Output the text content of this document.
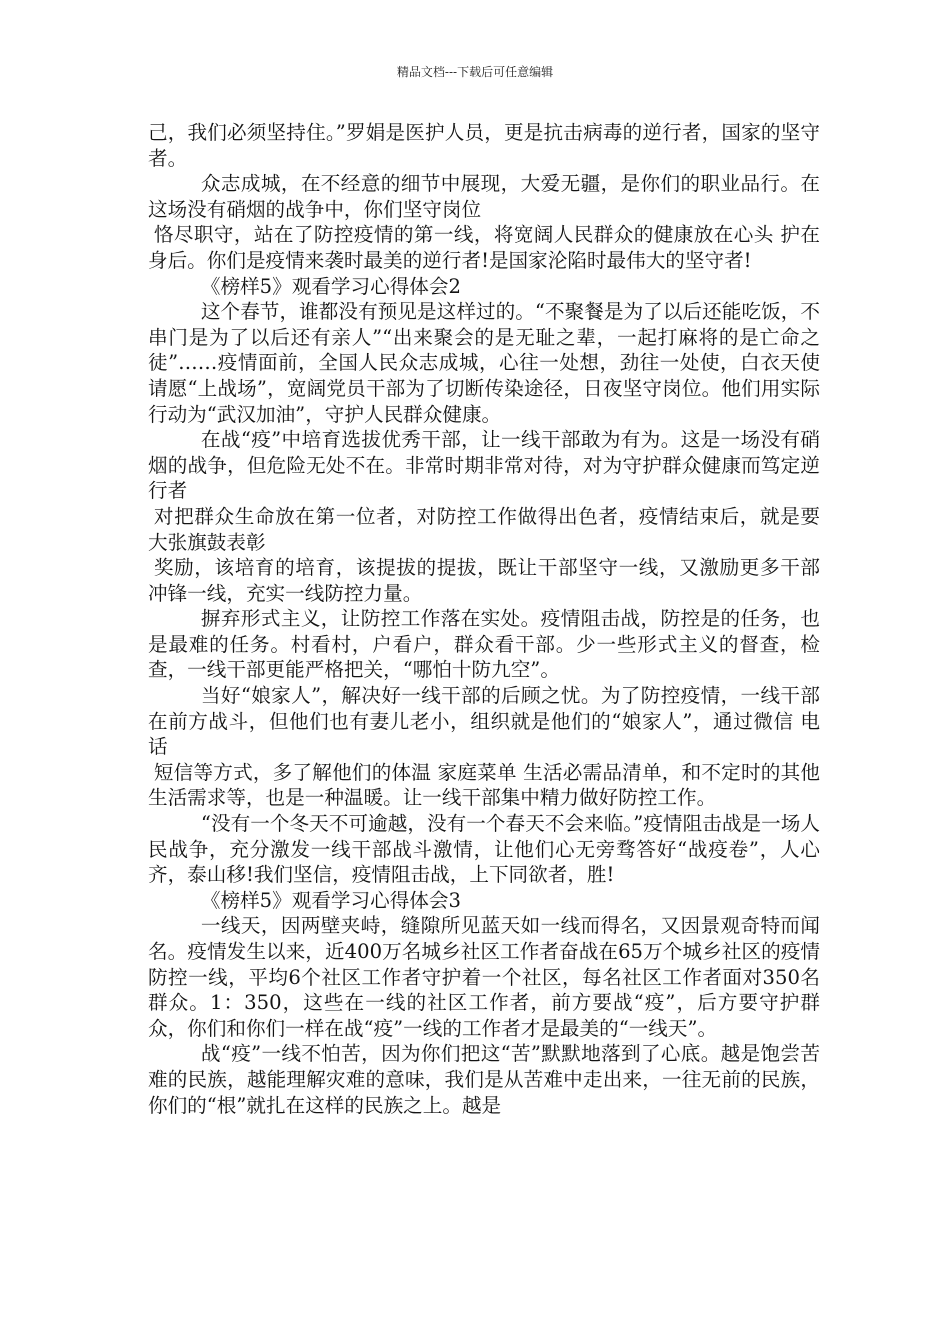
精品文档---下载后可任意编辑

己，我们必须坚持住。”罗娟是医护人员，更是抗击病毒的逆行者，国家的坚守者。

众志成城，在不经意的细节中展现，大爱无疆，是你们的职业品行。在这场没有硝烟的战争中，你们坚守岗位

恪尽职守，站在了防控疫情的第一线，将宽阔人民群众的健康放在心头 护在身后。你们是疫情来袭时最美的逆行者!是国家沦陷时最伟大的坚守者!

《榜样5》观看学习心得体会2

这个春节，谁都没有预见是这样过的。“不聚餐是为了以后还能吃饭，不串门是为了以后还有亲人”“出来聚会的是无耻之辈，一起打麻将的是亡命之徒”……疫情面前，全国人民众志成城，心往一处想，劲往一处使，白衣天使请愿“上战场”，宽阔党员干部为了切断传染途径，日夜坚守岗位。他们用实际行动为“武汉加油”，守护人民群众健康。

在战“疫”中培育选拔优秀干部，让一线干部敢为有为。这是一场没有硝烟的战争，但危险无处不在。非常时期非常对待，对为守护群众健康而笃定逆行者

对把群众生命放在第一位者，对防控工作做得出色者，疫情结束后，就是要大张旗鼓表彰

奖励，该培育的培育，该提拔的提拔，既让干部坚守一线，又激励更多干部冲锋一线，充实一线防控力量。

摒弃形式主义，让防控工作落在实处。疫情阻击战，防控是的任务，也是最难的任务。村看村，户看户，群众看干部。少一些形式主义的督查，检查，一线干部更能严格把关，“哪怕十防九空”。

当好“娘家人”，解决好一线干部的后顾之忧。为了防控疫情，一线干部在前方战斗，但他们也有妻儿老小，组织就是他们的“娘家人”，通过微信 电话

短信等方式，多了解他们的体温 家庭菜单 生活必需品清单，和不定时的其他生活需求等，也是一种温暖。让一线干部集中精力做好防控工作。

“没有一个冬天不可逾越，没有一个春天不会来临。”疫情阻击战是一场人民战争，充分激发一线干部战斗激情，让他们心无旁骛答好“战疫卷”，人心齐，泰山移!我们坚信，疫情阻击战，上下同欲者，胜!

《榜样5》观看学习心得体会3

一线天，因两壁夹峙，缝隙所见蓝天如一线而得名，又因景观奇特而闻名。疫情发生以来，近400万名城乡社区工作者奋战在65万个城乡社区的疫情防控一线，平均6个社区工作者守护着一个社区，每名社区工作者面对350名群众。1：350，这些在一线的社区工作者，前方要战“疫”，后方要守护群众，你们和你们一样在战“疫”一线的工作者才是最美的“一线天”。

战“疫”一线不怕苦，因为你们把这“苦”默默地落到了心底。越是饱尝苦难的民族，越能理解灾难的意味，我们是从苦难中走出来，一往无前的民族，你们的“根”就扎在这样的民族之上。越是
